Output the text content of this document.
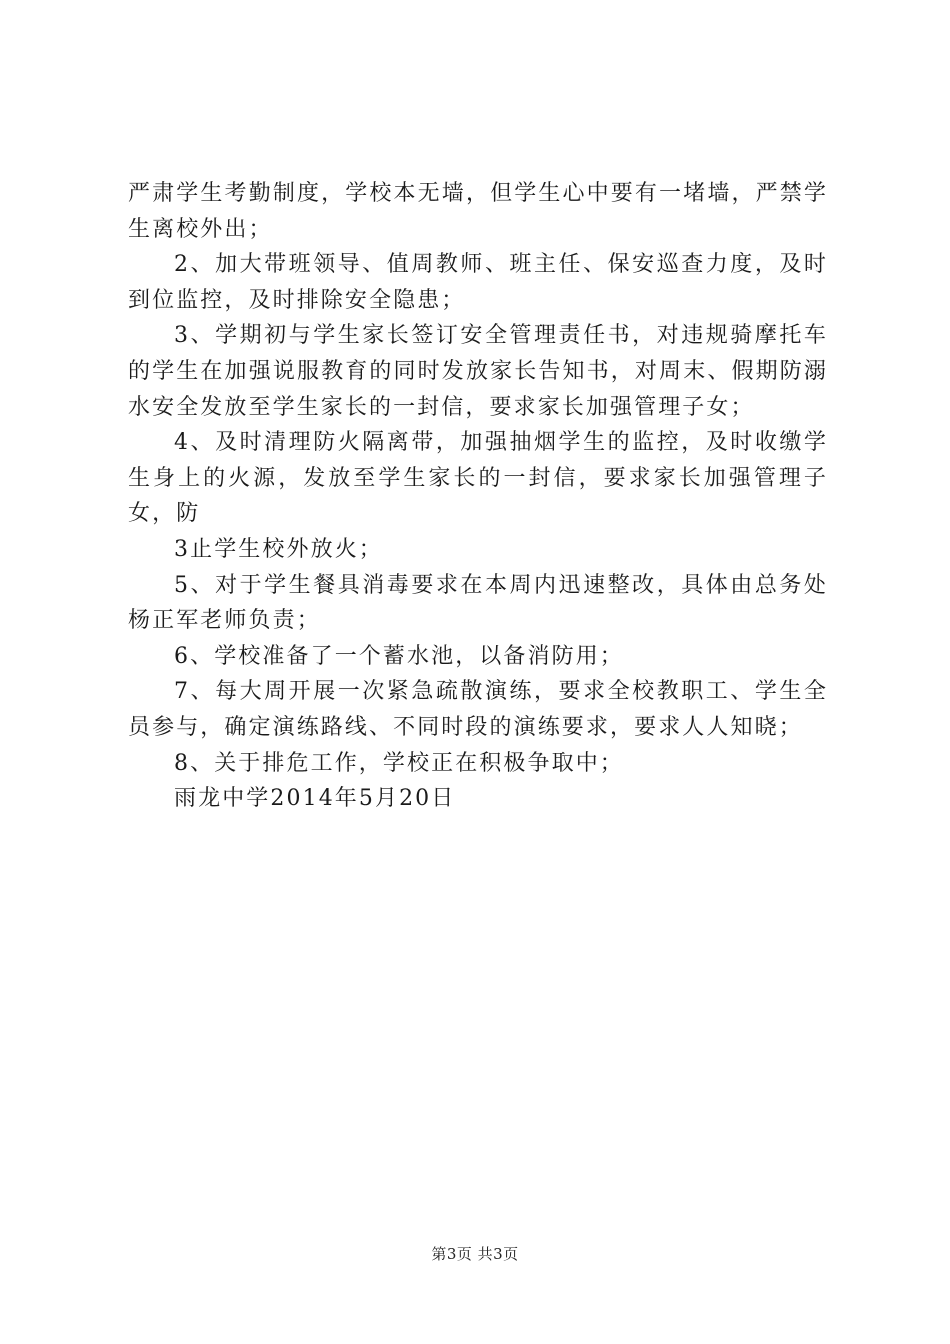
严肃学生考勤制度，学校本无墙，但学生心中要有一堵墙，严禁学生离校外出；

2、加大带班领导、值周教师、班主任、保安巡查力度，及时到位监控，及时排除安全隐患；

3、学期初与学生家长签订安全管理责任书，对违规骑摩托车的学生在加强说服教育的同时发放家长告知书，对周末、假期防溺水安全发放至学生家长的一封信，要求家长加强管理子女；

4、及时清理防火隔离带，加强抽烟学生的监控，及时收缴学生身上的火源，发放至学生家长的一封信，要求家长加强管理子女，防

3止学生校外放火；

5、对于学生餐具消毒要求在本周内迅速整改，具体由总务处杨正军老师负责；

6、学校准备了一个蓄水池，以备消防用；

7、每大周开展一次紧急疏散演练，要求全校教职工、学生全员参与，确定演练路线、不同时段的演练要求，要求人人知晓；

8、关于排危工作，学校正在积极争取中；

雨龙中学2014年5月20日

第3页 共3页
